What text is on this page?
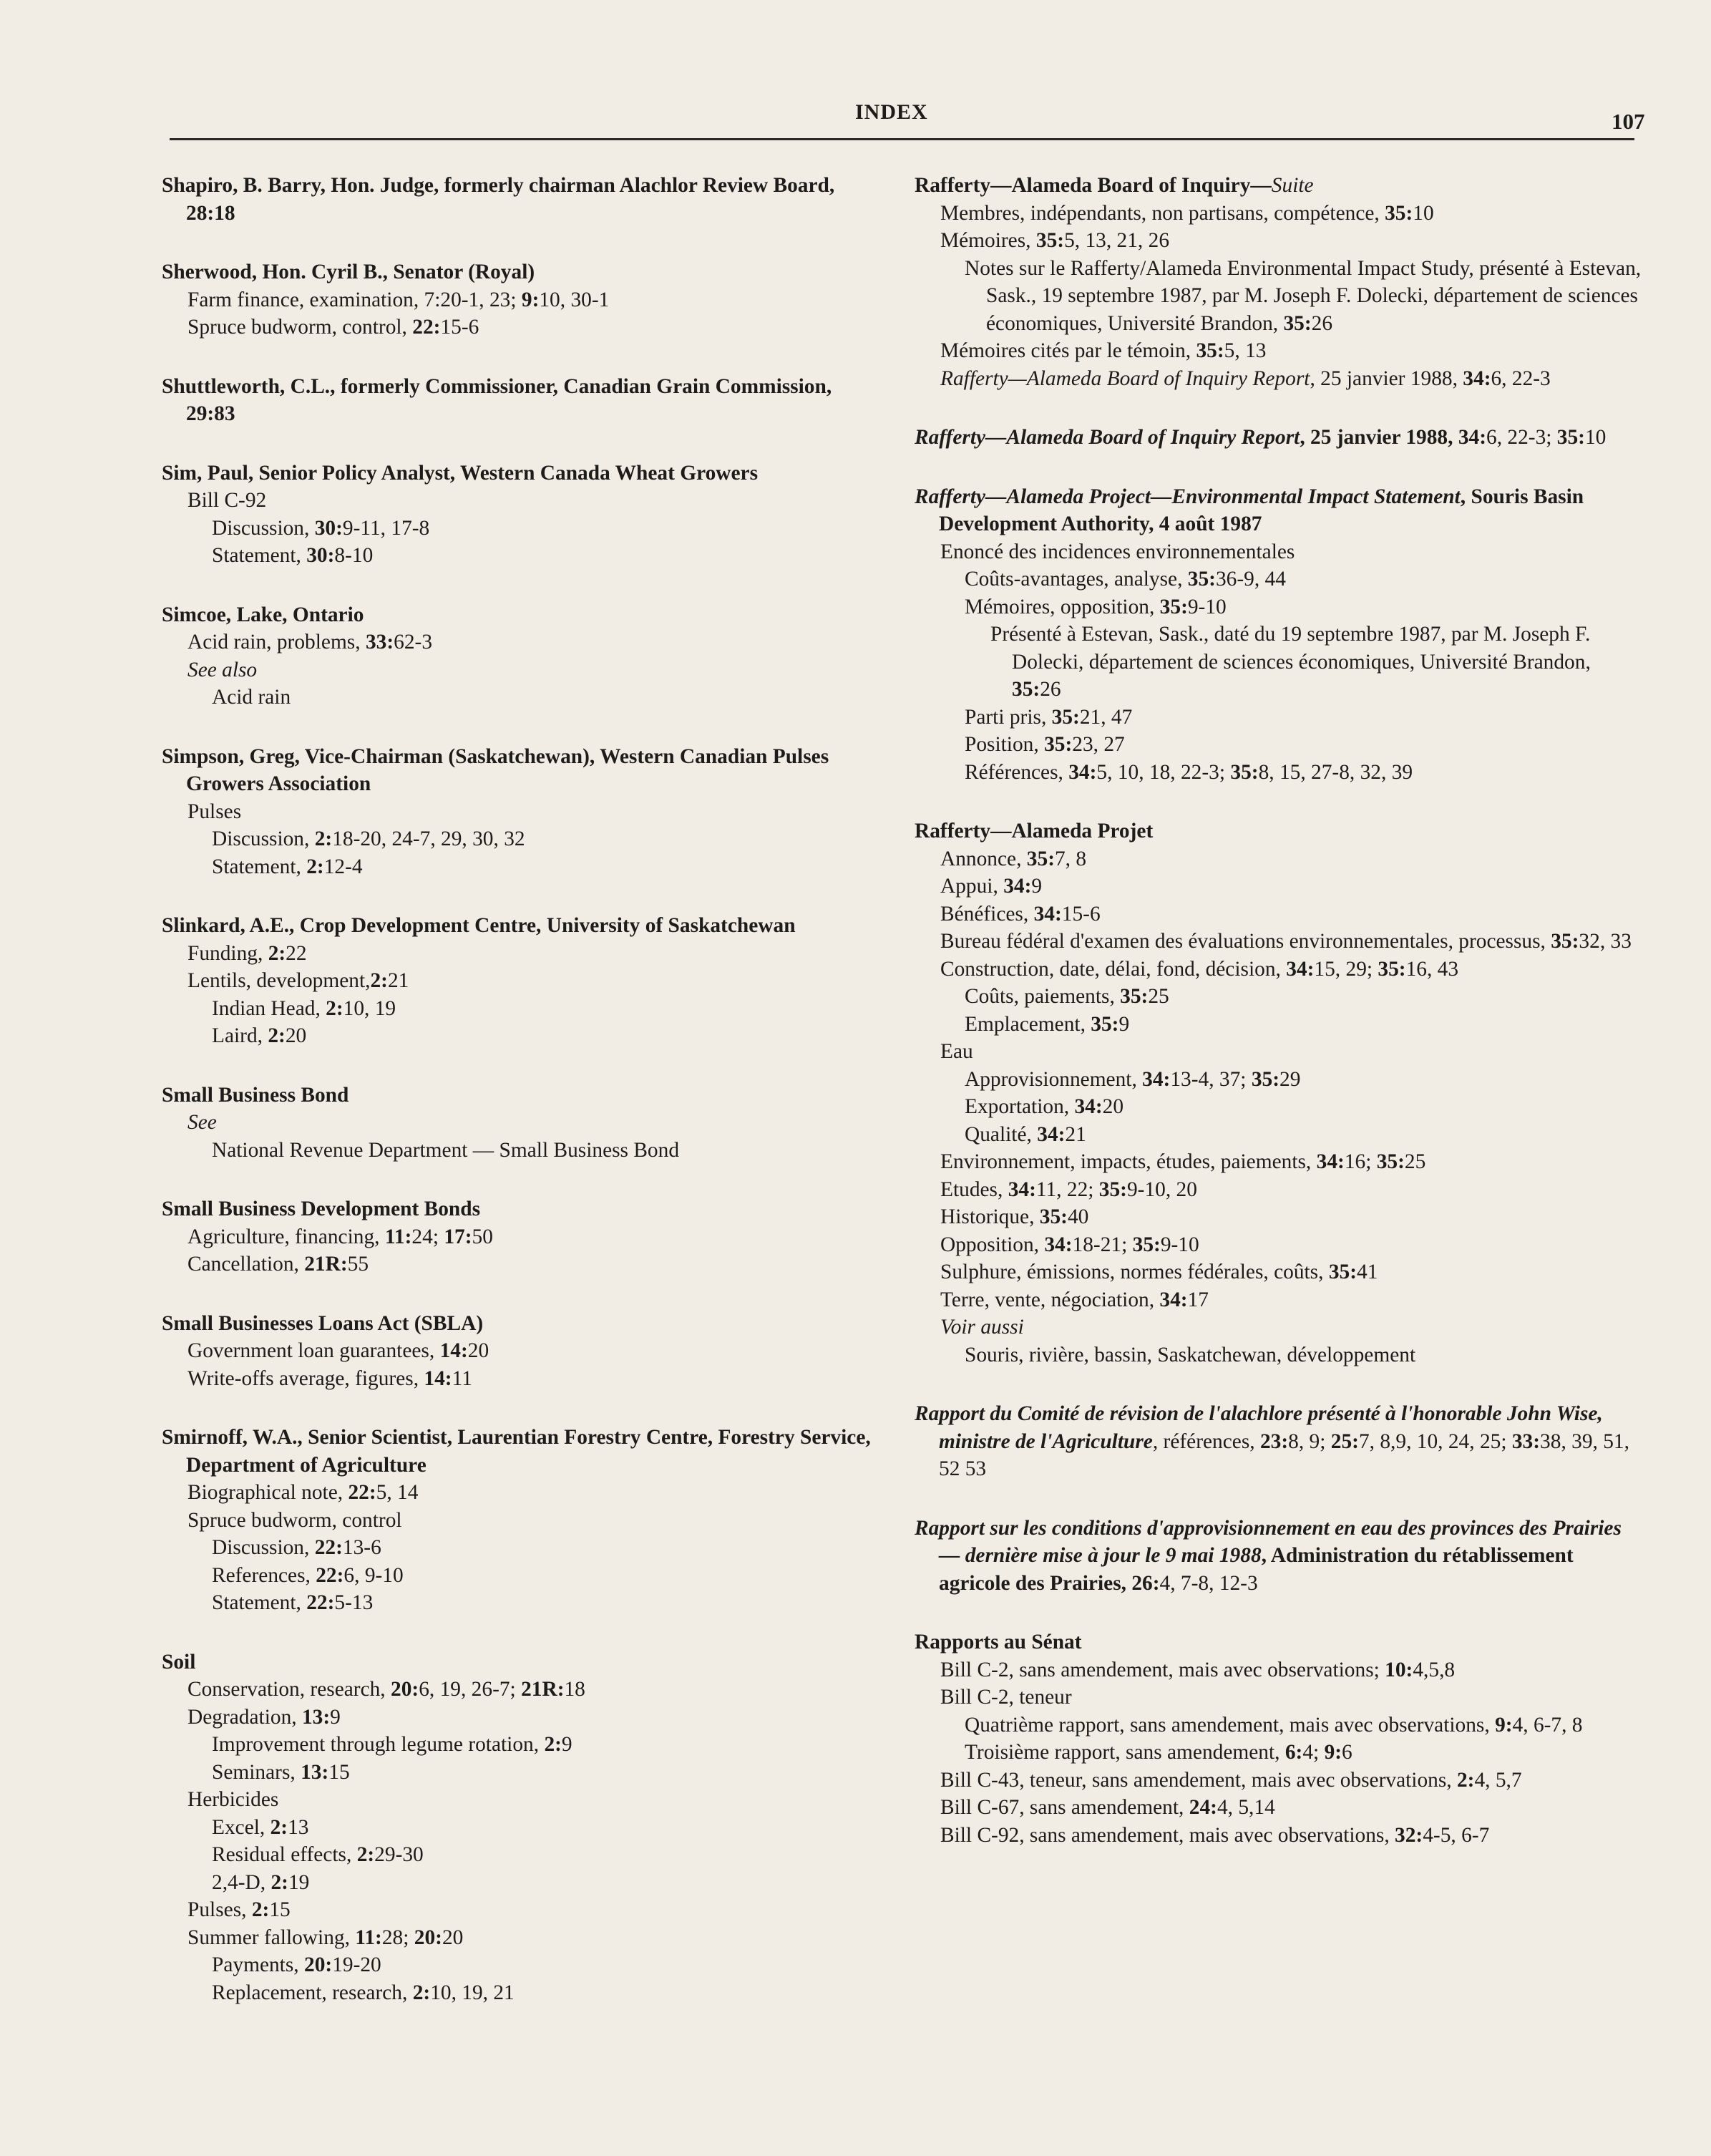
INDEX	107
Shapiro, B. Barry, Hon. Judge, formerly chairman Alachlor Review Board, 28:18
Sherwood, Hon. Cyril B., Senator (Royal)
Farm finance, examination, 7:20-1, 23; 9:10, 30-1
Spruce budworm, control, 22:15-6
Shuttleworth, C.L., formerly Commissioner, Canadian Grain Commission, 29:83
Sim, Paul, Senior Policy Analyst, Western Canada Wheat Growers
Bill C-92
Discussion, 30:9-11, 17-8
Statement, 30:8-10
Simcoe, Lake, Ontario
Acid rain, problems, 33:62-3
See also
Acid rain
Simpson, Greg, Vice-Chairman (Saskatchewan), Western Canadian Pulses Growers Association
Pulses
Discussion, 2:18-20, 24-7, 29, 30, 32
Statement, 2:12-4
Slinkard, A.E., Crop Development Centre, University of Saskatchewan
Funding, 2:22
Lentils, development,2:21
Indian Head, 2:10, 19
Laird, 2:20
Small Business Bond
See
National Revenue Department — Small Business Bond
Small Business Development Bonds
Agriculture, financing, 11:24; 17:50
Cancellation, 21R:55
Small Businesses Loans Act (SBLA)
Government loan guarantees, 14:20
Write-offs average, figures, 14:11
Smirnoff, W.A., Senior Scientist, Laurentian Forestry Centre, Forestry Service, Department of Agriculture
Biographical note, 22:5, 14
Spruce budworm, control
Discussion, 22:13-6
References, 22:6, 9-10
Statement, 22:5-13
Soil
Conservation, research, 20:6, 19, 26-7; 21R:18
Degradation, 13:9
Improvement through legume rotation, 2:9
Seminars, 13:15
Herbicides
Excel, 2:13
Residual effects, 2:29-30
2,4-D, 2:19
Pulses, 2:15
Summer fallowing, 11:28; 20:20
Payments, 20:19-20
Replacement, research, 2:10, 19, 21
Rafferty—Alameda Board of Inquiry—Suite
Membres, indépendants, non partisans, compétence, 35:10
Mémoires, 35:5, 13, 21, 26
Notes sur le Rafferty/Alameda Environmental Impact Study, présenté à Estevan, Sask., 19 septembre 1987, par M. Joseph F. Dolecki, département de sciences économiques, Université Brandon, 35:26
Mémoires cités par le témoin, 35:5, 13
Rafferty—Alameda Board of Inquiry Report, 25 janvier 1988, 34:6, 22-3
Rafferty—Alameda Board of Inquiry Report, 25 janvier 1988, 34:6, 22-3; 35:10
Rafferty—Alameda Project—Environmental Impact Statement, Souris Basin Development Authority, 4 août 1987
Enoncé des incidences environnementales
Coûts-avantages, analyse, 35:36-9, 44
Mémoires, opposition, 35:9-10
Présenté à Estevan, Sask., daté du 19 septembre 1987, par M. Joseph F. Dolecki, département de sciences économiques, Université Brandon, 35:26
Parti pris, 35:21, 47
Position, 35:23, 27
Références, 34:5, 10, 18, 22-3; 35:8, 15, 27-8, 32, 39
Rafferty—Alameda Projet
Annonce, 35:7, 8
Appui, 34:9
Bénéfices, 34:15-6
Bureau fédéral d'examen des évaluations environnementales, processus, 35:32, 33
Construction, date, délai, fond, décision, 34:15, 29; 35:16, 43
Coûts, paiements, 35:25
Emplacement, 35:9
Eau
Approvisionnement, 34:13-4, 37; 35:29
Exportation, 34:20
Qualité, 34:21
Environnement, impacts, études, paiements, 34:16; 35:25
Etudes, 34:11, 22; 35:9-10, 20
Historique, 35:40
Opposition, 34:18-21; 35:9-10
Sulphure, émissions, normes fédérales, coûts, 35:41
Terre, vente, négociation, 34:17
Voir aussi
Souris, rivière, bassin, Saskatchewan, développement
Rapport du Comité de révision de l'alachlore présenté à l'honorable John Wise, ministre de l'Agriculture, références, 23:8, 9; 25:7, 8,9, 10, 24, 25; 33:38, 39, 51, 52 53
Rapport sur les conditions d'approvisionnement en eau des provinces des Prairies — dernière mise à jour le 9 mai 1988, Administration du rétablissement agricole des Prairies, 26:4, 7-8, 12-3
Rapports au Sénat
Bill C-2, sans amendement, mais avec observations; 10:4,5,8
Bill C-2, teneur
Quatrième rapport, sans amendement, mais avec observations, 9:4, 6-7, 8
Troisième rapport, sans amendement, 6:4; 9:6
Bill C-43, teneur, sans amendement, mais avec observations, 2:4, 5,7
Bill C-67, sans amendement, 24:4, 5,14
Bill C-92, sans amendement, mais avec observations, 32:4-5, 6-7
